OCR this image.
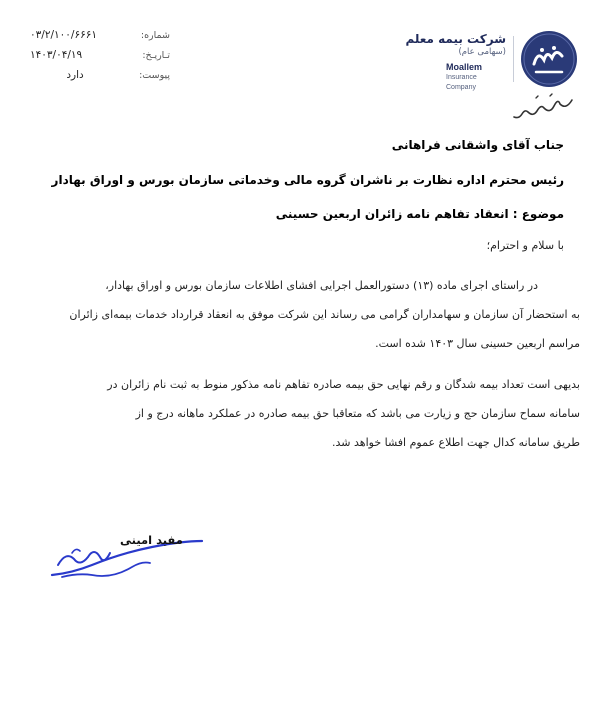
شماره:
۰۳/۲/۱۰۰/۶۶۶۱
تـاریـخ:
۱۴۰۳/۰۴/۱۹
پیوست:
دارد
شرکت بیمه معلم
(سهامی عام)
Moallem
Insurance Company
جناب آقای واشقانی فراهانی
رئیس محترم اداره نظارت بر ناشران گروه مالی وخدماتی سازمان بورس و اوراق بهادار
موضوع : انعقاد تفاهم نامه زائران اربعین حسینی
با سلام و احترام؛
در راستای اجرای ماده (۱۳) دستورالعمل اجرایی افشای اطلاعات سازمان بورس و اوراق بهادار،
به استحضار آن سازمان و سهامداران گرامی می رساند این شرکت موفق به انعقاد قرارداد خدمات بیمه‌ای زائران
مراسم اربعین حسینی سال ۱۴۰۳ شده است.
بدیهی است تعداد بیمه شدگان و رقم نهایی حق بیمه صادره تفاهم نامه مذکور منوط به ثبت نام زائران در
سامانه سماح سازمان حج و زیارت می باشد که متعاقبا حق بیمه صادره در عملکرد ماهانه درج و از
طریق سامانه کدال جهت اطلاع عموم افشا خواهد شد.
مفید امینی
